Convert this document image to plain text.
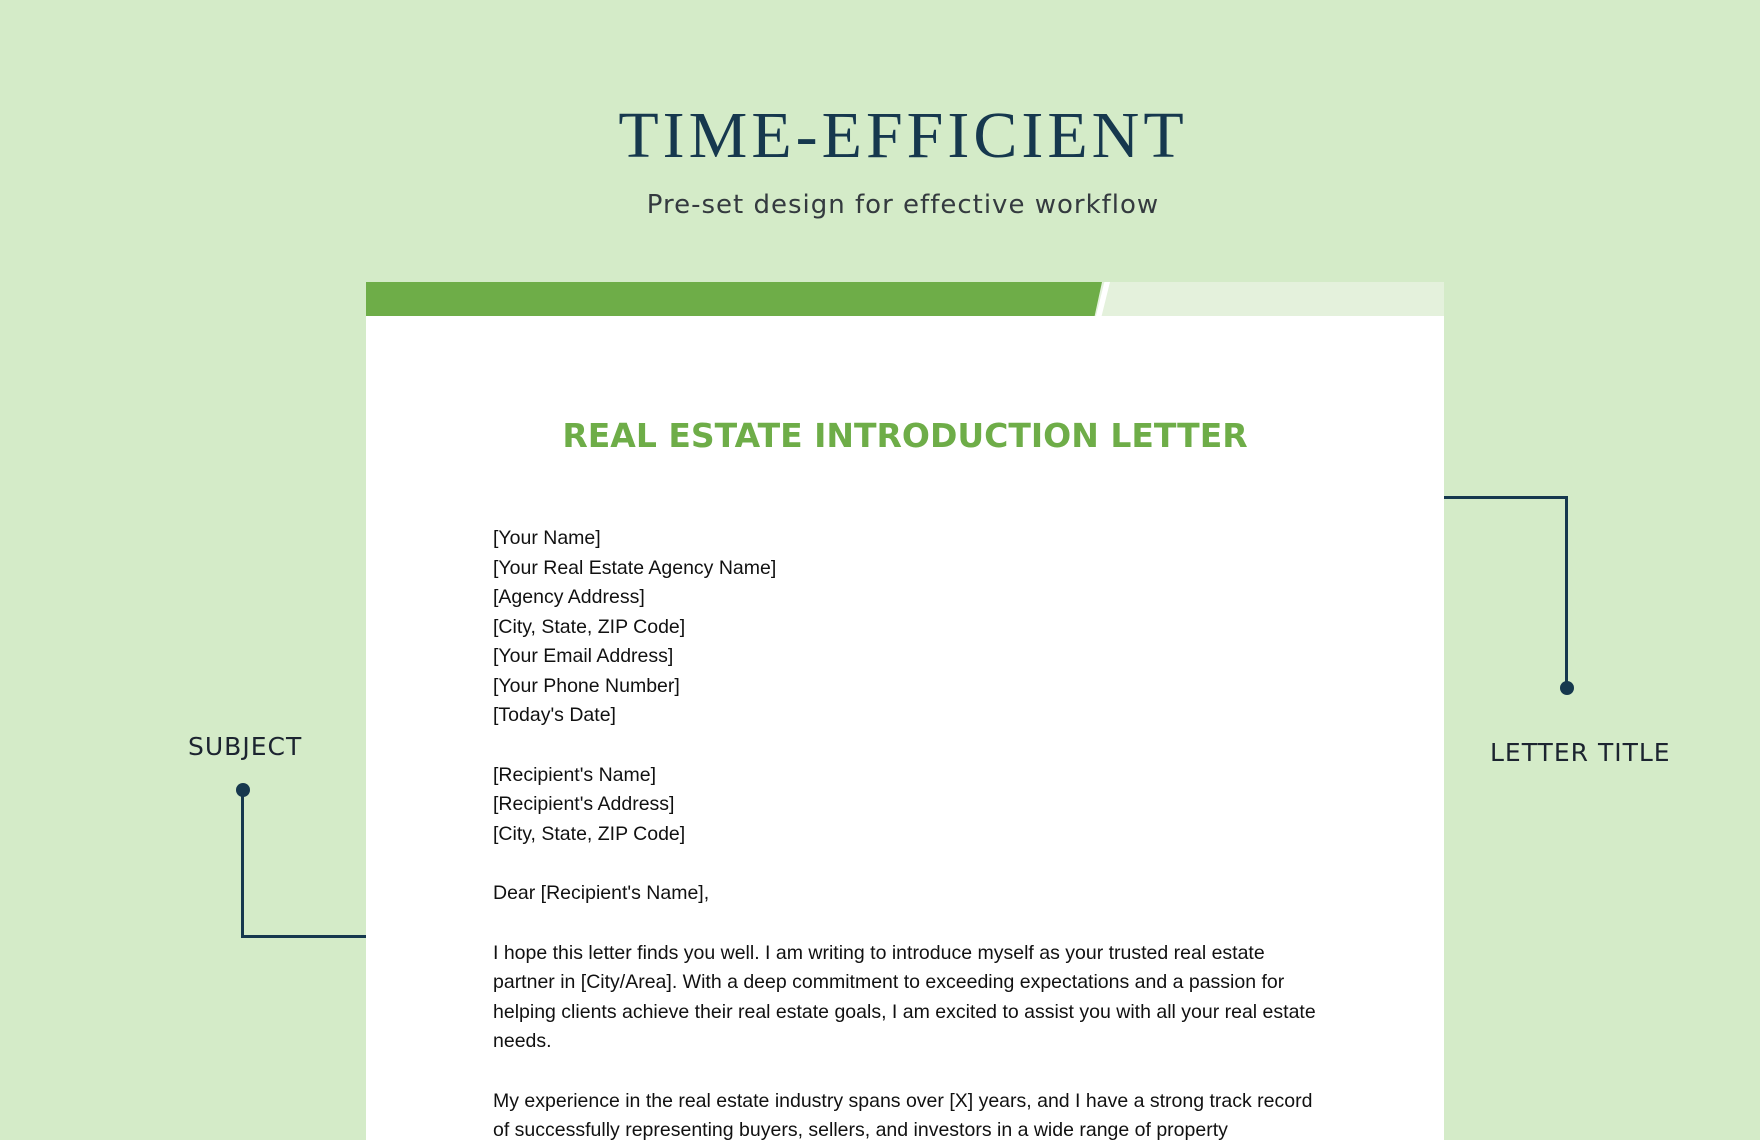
TIME-EFFICIENT
Pre-set design for effective workflow
SUBJECT	LETTER TITLE
REAL ESTATE INTRODUCTION LETTER
[Your Name]
[Your Real Estate Agency Name]
[Agency Address]
[City, State, ZIP Code]
[Your Email Address]
[Your Phone Number]
[Today's Date]
[Recipient's Name]
[Recipient's Address]
[City, State, ZIP Code]

Dear [Recipient's Name],

I hope this letter finds you well. I am writing to introduce myself as your trusted real estate partner in [City/Area]. With a deep commitment to exceeding expectations and a passion for helping clients achieve their real estate goals, I am excited to assist you with all your real estate needs.

My experience in the real estate industry spans over [X] years, and I have a strong track record of successfully representing buyers, sellers, and investors in a wide range of property
